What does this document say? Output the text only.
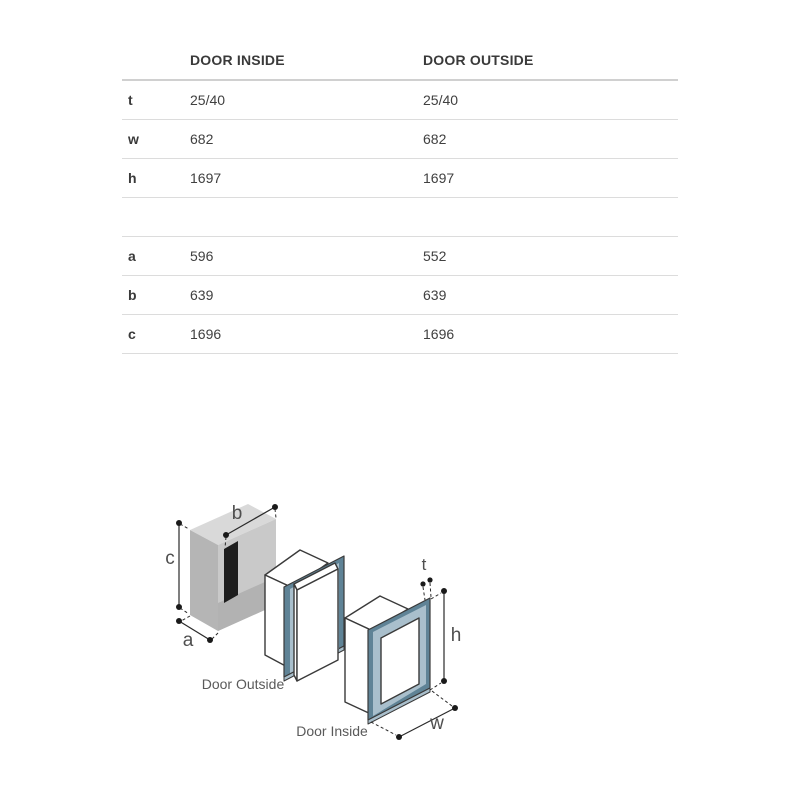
	DOOR INSIDE	DOOR OUTSIDE
t	25/40	25/40
w	682	682
h	1697	1697

a	596	552
b	639	639
c	1696	1696
c
a
b
Door Outside
Door Inside
t
h
w
